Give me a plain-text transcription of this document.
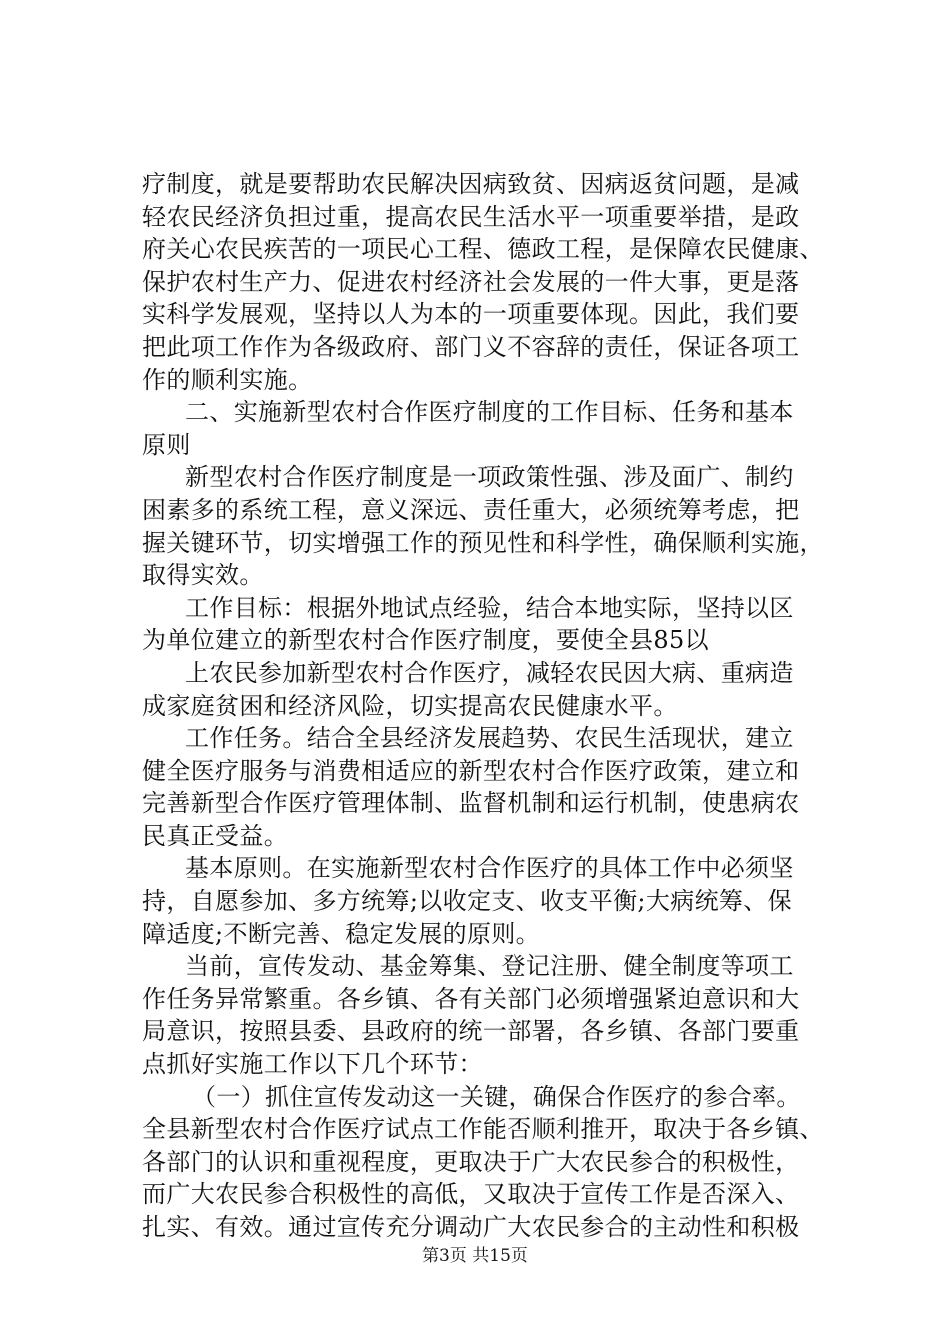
疗制度，就是要帮助农民解决因病致贫、因病返贫问题，是减
轻农民经济负担过重，提高农民生活水平一项重要举措，是政
府关心农民疾苦的一项民心工程、德政工程，是保障农民健康、
保护农村生产力、促进农村经济社会发展的一件大事，更是落
实科学发展观，坚持以人为本的一项重要体现。因此，我们要
把此项工作作为各级政府、部门义不容辞的责任，保证各项工
作的顺利实施。
二、实施新型农村合作医疗制度的工作目标、任务和基本
原则
新型农村合作医疗制度是一项政策性强、涉及面广、制约
困素多的系统工程，意义深远、责任重大，必须统筹考虑，把
握关键环节，切实增强工作的预见性和科学性，确保顺利实施，
取得实效。
工作目标：根据外地试点经验，结合本地实际，坚持以区
为单位建立的新型农村合作医疗制度，要使全县85以
上农民参加新型农村合作医疗，减轻农民因大病、重病造
成家庭贫困和经济风险，切实提高农民健康水平。
工作任务。结合全县经济发展趋势、农民生活现状，建立
健全医疗服务与消费相适应的新型农村合作医疗政策，建立和
完善新型合作医疗管理体制、监督机制和运行机制，使患病农
民真正受益。
基本原则。在实施新型农村合作医疗的具体工作中必须坚
持，自愿参加、多方统筹;以收定支、收支平衡;大病统筹、保
障适度;不断完善、稳定发展的原则。
当前，宣传发动、基金筹集、登记注册、健全制度等项工
作任务异常繁重。各乡镇、各有关部门必须增强紧迫意识和大
局意识，按照县委、县政府的统一部署，各乡镇、各部门要重
点抓好实施工作以下几个环节：
（一）抓住宣传发动这一关键，确保合作医疗的参合率。
全县新型农村合作医疗试点工作能否顺利推开，取决于各乡镇、
各部门的认识和重视程度，更取决于广大农民参合的积极性，
而广大农民参合积极性的高低，又取决于宣传工作是否深入、
扎实、有效。通过宣传充分调动广大农民参合的主动性和积极
第3页 共15页
